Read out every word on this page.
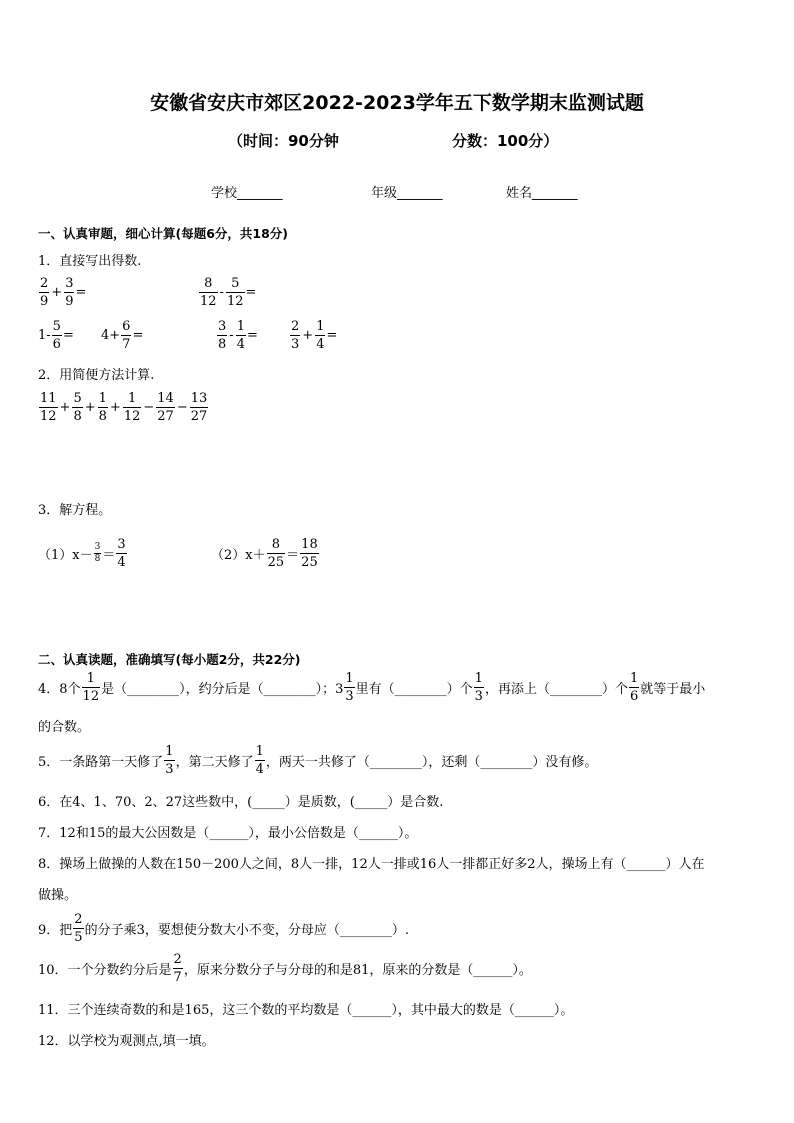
安徽省安庆市郊区2022-2023学年五下数学期末监测试题
（时间：90分钟	分数：100分）
学校_______	年级_______	姓名_______
一、认真审题，细心计算(每题6分，共18分)
1．直接写出得数.
$\frac{2}{9} + \frac{3}{9}$ =	$\frac{8}{12} - \frac{5}{12}$ =
$1- \frac{5}{6} = 4+ \frac{6}{7}$ =	$\frac{3}{8} - \frac{1}{4} = \frac{2}{3} + \frac{1}{4}$ =
2．用简便方法计算.
$\frac{11}{12} + \frac{5}{8} + \frac{1}{8} + \frac{1}{12} - \frac{14}{27} - \frac{13}{27}$
3．解方程。
$(1)x- \frac{3}{8} = \frac{3}{4}$	$(2)x+ \frac{8}{25} = \frac{18}{25}$
二、认真读题，准确填写(每小题2分，共22分)
4．8个 $\frac{1}{12}$ 是（________），约分后是（________）；$3 \frac{1}{3}$ 里有（________）个 $\frac{1}{3}$ ，再添上（________）个 $\frac{1}{6}$ 就等于最小
的合数。
5．一条路第一天修了 $\frac{1}{3}$ ，第二天修了 $\frac{1}{4}$ ，两天一共修了（________），还剩（________）没有修。
6．在4、1、70、2、27这些数中，(_____）是质数，(_____）是合数.
7．12和15的最大公因数是（______），最小公倍数是（______）。
8．操场上做操的人数在150－200人之间，8人一排，12人一排或16人一排都正好多2人，操场上有（______）人在
做操。
9．把 $\frac{2}{5}$ 的分子乘3，要想使分数大小不变，分母应（________）.
10．一个分数约分后是 $\frac{2}{7}$ ，原来分数分子与分母的和是81，原来的分数是（______）。
11．三个连续奇数的和是165，这三个数的平均数是（______），其中最大的数是（______）。
12．以学校为观测点,填一填。
